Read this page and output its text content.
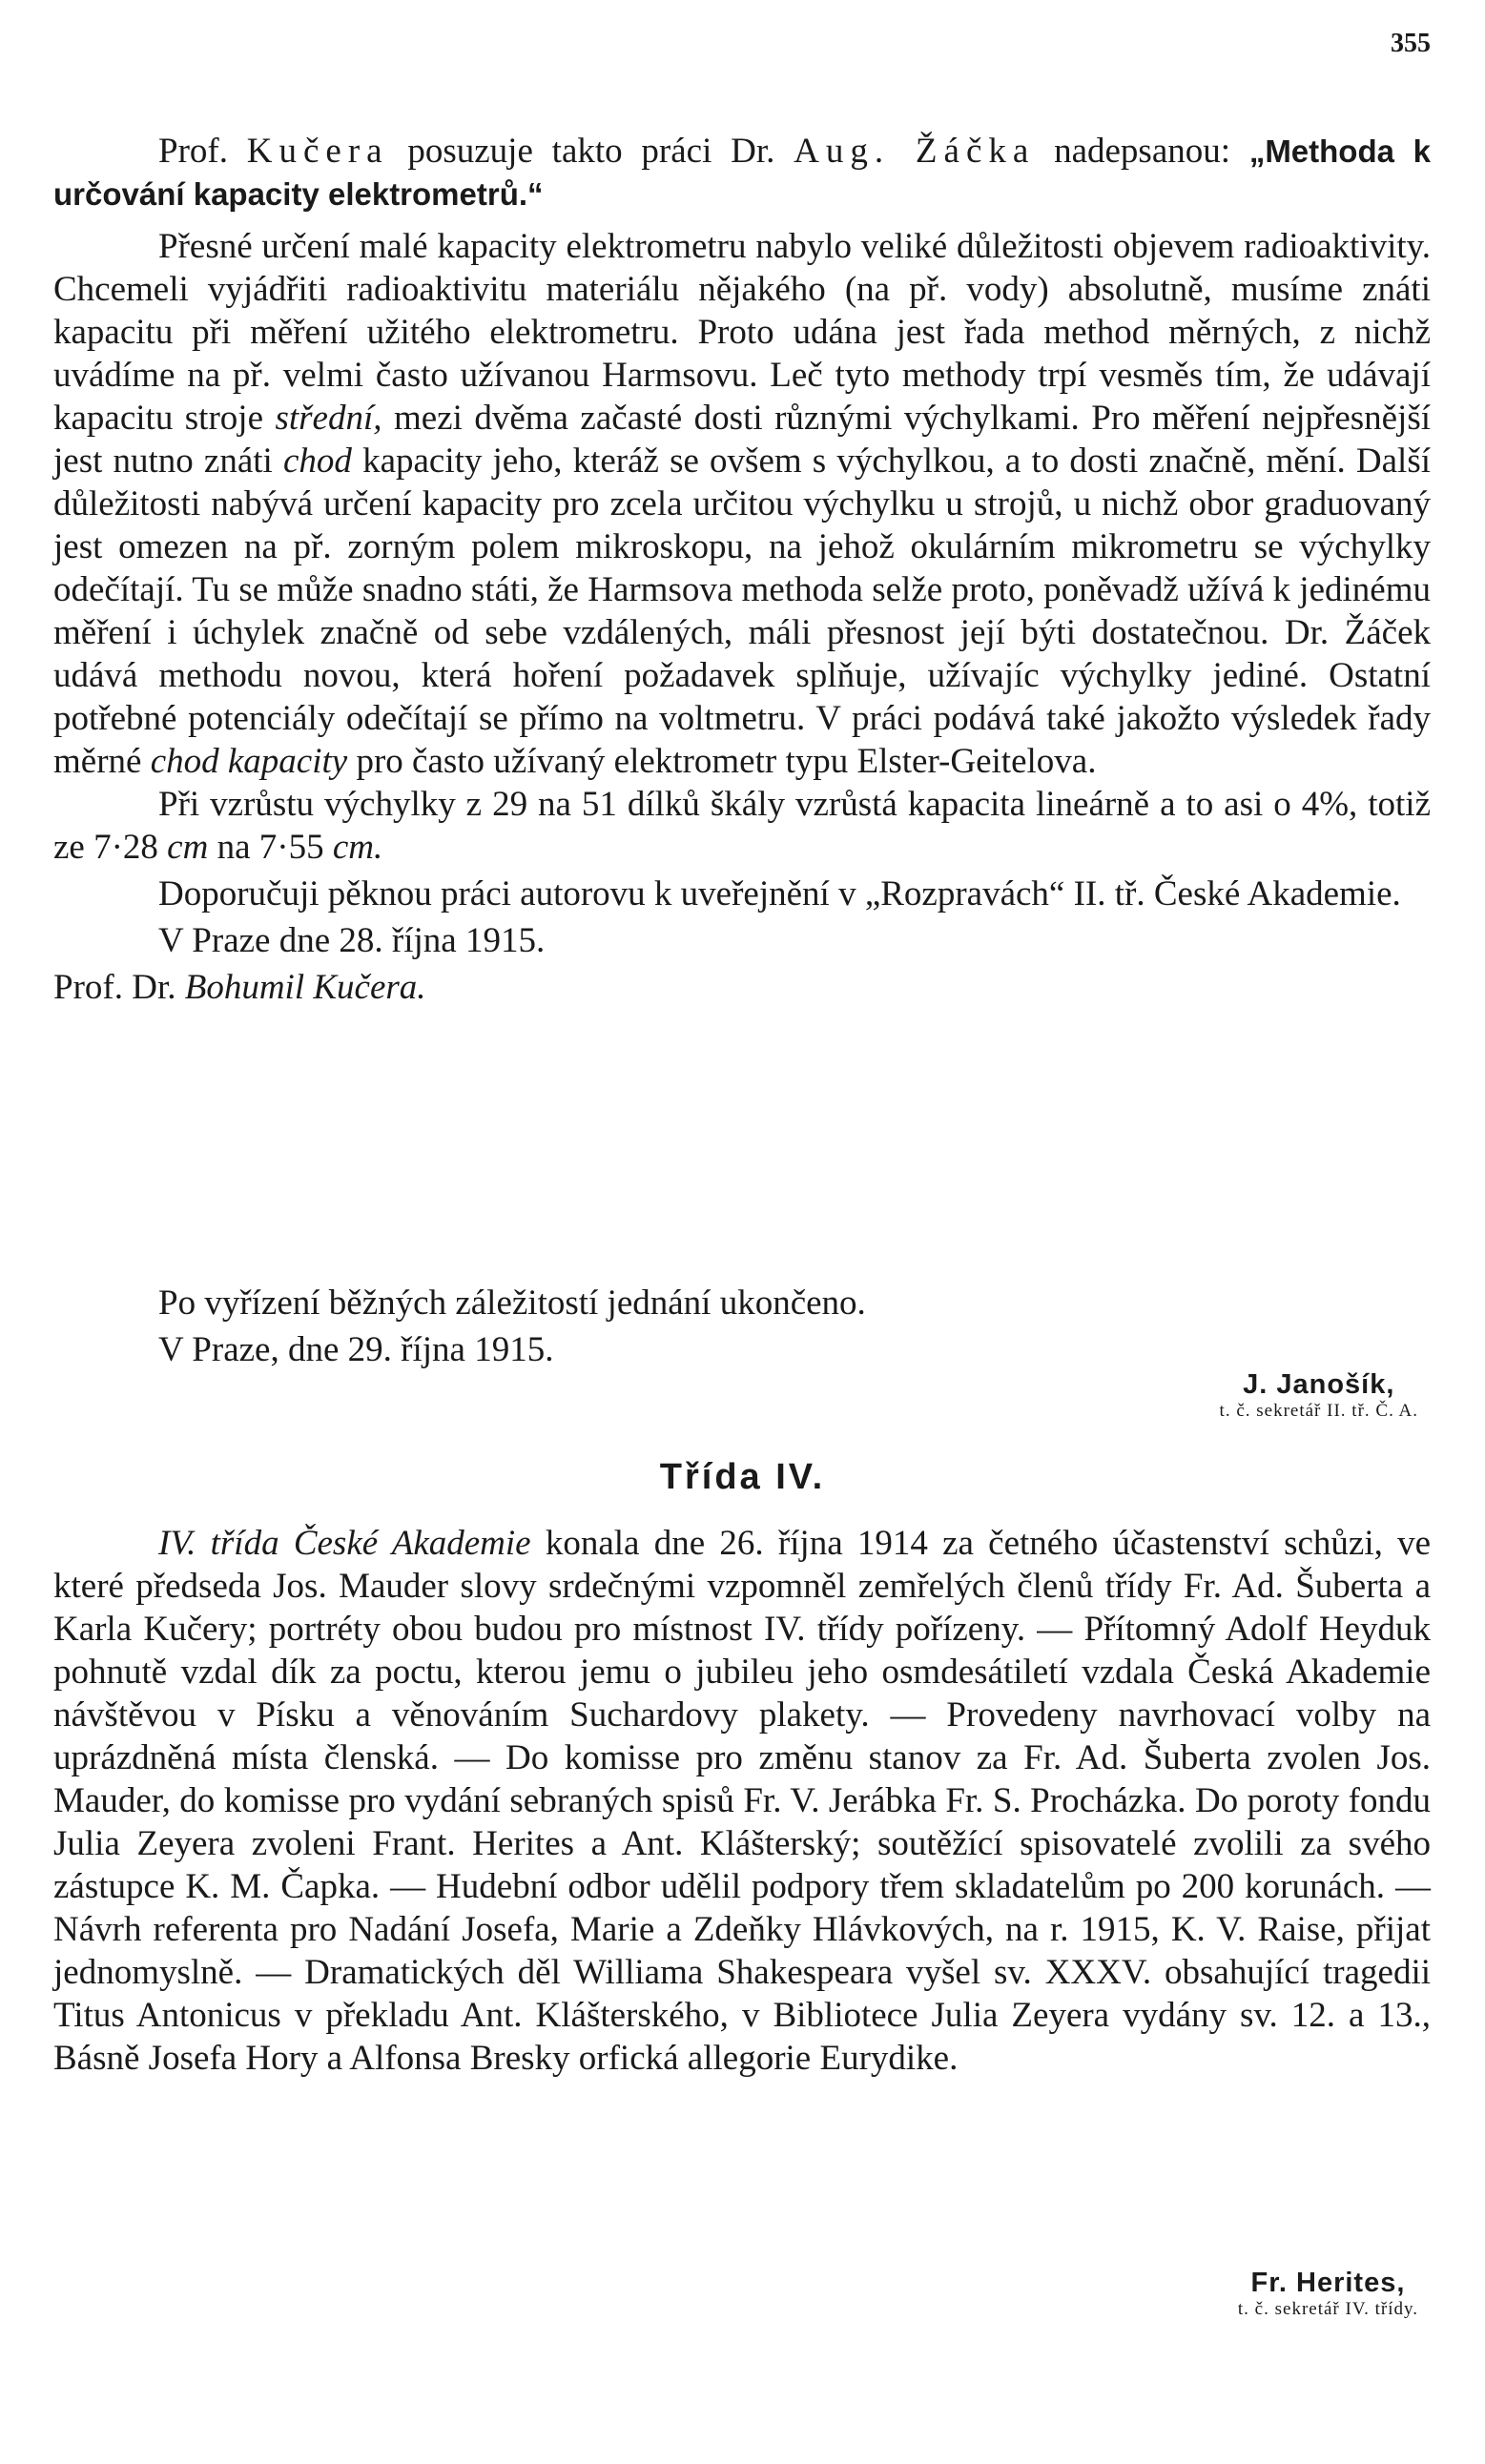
355

Prof. Kučera posuzuje takto práci Dr. Aug. Žáčka nadepsanou: „Methoda k určování kapacity elektrometrů.“

Přesné určení malé kapacity elektrometru nabylo veliké důležitosti objevem radioaktivity. Chcemeli vyjádřiti radioaktivitu materiálu nějakého (na př. vody) absolutně, musíme znáti kapacitu při měření užitého elektrometru. Proto udána jest řada method měrných, z nichž uvádíme na př. velmi často užívanou Harmsovu. Leč tyto methody trpí vesměs tím, že udávají kapacitu stroje střední, mezi dvěma začasté dosti různými výchylkami. Pro měření nejpřesnější jest nutno znáti chod kapacity jeho, kteráž se ovšem s výchylkou, a to dosti značně, mění. Další důležitosti nabývá určení kapacity pro zcela určitou výchylku u strojů, u nichž obor graduovaný jest omezen na př. zorným polem mikroskopu, na jehož okulárním mikrometru se výchylky odečítají. Tu se může snadno státi, že Harmsova methoda selže proto, poněvadž užívá k jedinému měření i úchylek značně od sebe vzdálených, máli přesnost její býti dostatečnou. Dr. Žáček udává methodu novou, která hoření požadavek splňuje, užívajíc výchylky jediné. Ostatní potřebné potenciály odečítají se přímo na voltmetru. V práci podává také jakožto výsledek řady měrné chod kapacity pro často užívaný elektrometr typu Elster-Geitelova.

Při vzrůstu výchylky z 29 na 51 dílků škály vzrůstá kapacita lineárně a to asi o 4%, totiž ze 7·28 cm na 7·55 cm.

Doporučuji pěknou práci autorovu k uveřejnění v „Rozpravách“ II. tř. České Akademie.

V Praze dne 28. října 1915.

Prof. Dr. Bohumil Kučera.

Po vyřízení běžných záležitostí jednání ukončeno.

V Praze, dne 29. října 1915.

J. Janošík,
t. č. sekretář II. tř. Č. A.
Třída IV.

IV. třída České Akademie konala dne 26. října 1914 za četného účastenství schůzi, ve které předseda Jos. Mauder slovy srdečnými vzpomněl zemřelých členů třídy Fr. Ad. Šuberta a Karla Kučery; portréty obou budou pro místnost IV. třídy pořízeny. — Přítomný Adolf Heyduk pohnutě vzdal dík za poctu, kterou jemu o jubileu jeho osmdesátiletí vzdala Česká Akademie návštěvou v Písku a věnováním Suchardovy plakety. — Provedeny navrhovací volby na uprázdněná místa členská. — Do komisse pro změnu stanov za Fr. Ad. Šuberta zvolen Jos. Mauder, do komisse pro vydání sebraných spisů Fr. V. Jerábka Fr. S. Procházka. Do poroty fondu Julia Zeyera zvoleni Frant. Herites a Ant. Klášterský; soutěžící spisovatelé zvolili za svého zástupce K. M. Čapka. — Hudební odbor udělil podpory třem skladatelům po 200 korunách. — Návrh referenta pro Nadání Josefa, Marie a Zdeňky Hlávkových, na r. 1915, K. V. Raise, přijat jednomyslně. — Dramatických děl Williama Shakespeara vyšel sv. XXXV. obsahující tragedii Titus Antonicus v překladu Ant. Klášterského, v Bibliotece Julia Zeyera vydány sv. 12. a 13., Básně Josefa Hory a Alfonsa Bresky orfická allegorie Eurydike.

Fr. Herites,
t. č. sekretář IV. třídy.
